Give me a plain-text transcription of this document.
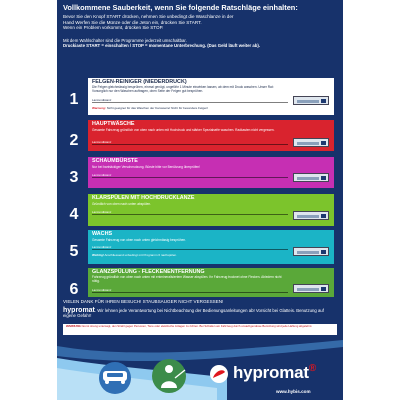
Vollkommene Sauberkeit, wenn Sie folgende Ratschläge einhalten:
Bevor Sie den Knopf START drücken, nehmen Sie unbedingt die Waschlanze in der
Hand Werfen Sie die Münze oder die Jeton ein, drücken Sie START.
Wenn ein Problem vorkommt, drücken Sie STOP.
Mit dem Wahlschalter sind die Programme jederzeit umschaltbar.
Druckiaste START = einschalten / STOP = momentane Unterbrechung. (Das Geld läuft weiter ab).
1
FELGEN-REINIGER (NIEDERDRUCK)
Die Felgen gleichmässig besprühen, einmal genügt, ungefähr 1 Minute einwirken lassen, ab dem mit Druck waschen. Unser Rat: Vorsorglich nur den Waschen auftragen, oben Seite der Felgen gut besprühen.
Lanzendistanz
Warnung: Nicht geeignet für das Waschen der Karosserie! Nicht für besondere Felgen!
2
HAUPTWÄSCHE
Gesamte Fahrzeug gründlich von oben nach unten mit Hochdruck und stärker Spezialseife waschen. Radkasten nicht vergessen.
Lanzendistanz
3
SCHAUMBÜRSTE
Nur bei hartnäckiger Verschmutzung. Bürste bitte vor Benützung überprüfen!
Lanzendistanz
4
KLARSPÜLEN MIT HOCHDRUCKLANZE
Gründlich von oben nach unten abspülen.
Lanzendistanz
5
WACHS
Gesamte Fahrzeug von oben nach unten gleichmässig besprühen.
Lanzendistanz
Wichtig! Anschliessend unbedingt mit Programm 6 nachspülen.
6
GLANZSPÜLUNG - FLECKENENTFERNUNG
Fahrzeug gründlich von oben nach unten mit entmineralisiertem Wasser abspülen. Ihr Fahrzeug trocknet ohne Flecken. Abledern nicht nötig.
Lanzendistanz
VIELEN DANK FÜR IHREN BESUCH! STAUBSAUGER NICHT VERGESSEN!
hypromat. Wir lehnen jede Verantwortung bei Nichtbeachtung der Bedienungsanleitungen ab! Vorsicht bei Glatteis. Benutzung auf eigene Gefahr!
WARNUNG: Es ist streng untersagt, den Strahl gegen Personen, Tiere oder elektrische Anlagen zu richten. Bei Schäden am Fahrzeug durch unsachgemässe Benützung wird jede Haftung abgelehnt.
hypromat®
www.hybis.com
